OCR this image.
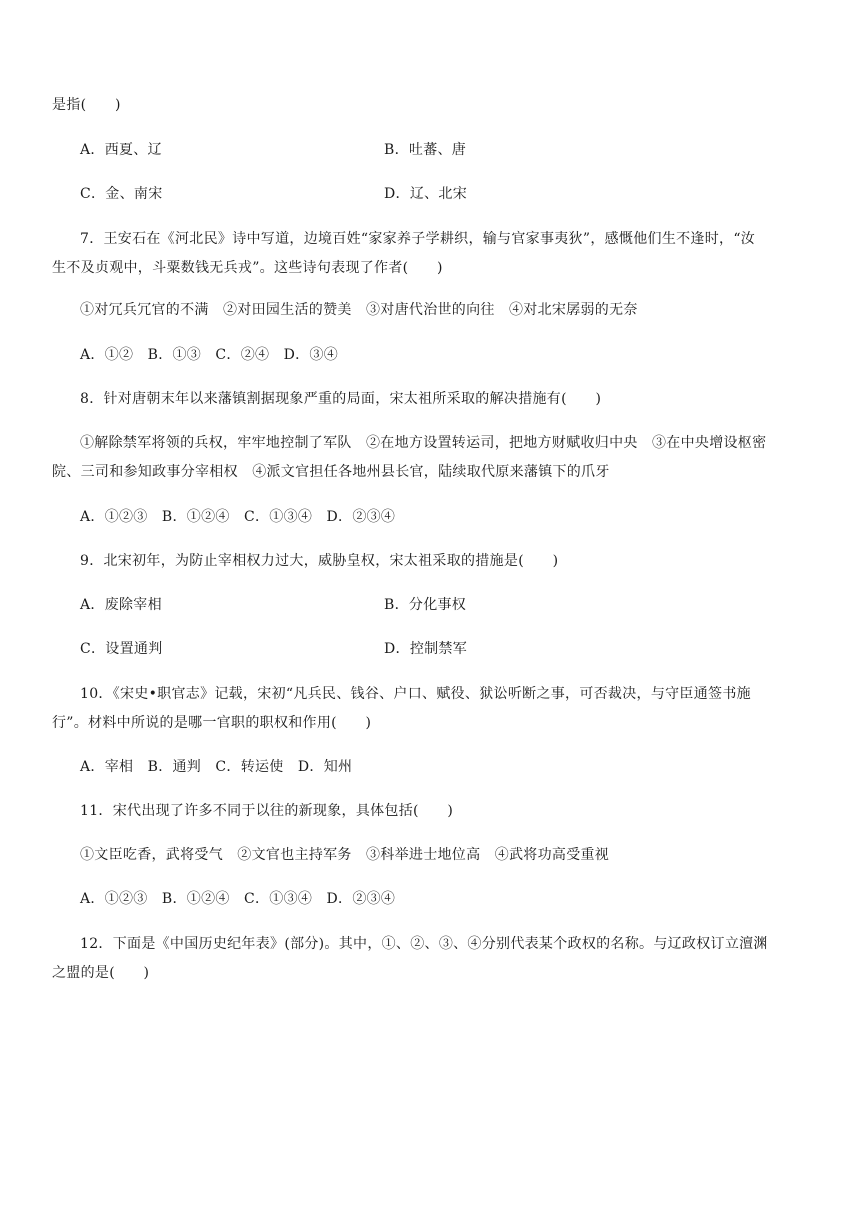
是指(　　)
A．西夏、辽	B．吐蕃、唐
C．金、南宋	D．辽、北宋
7．王安石在《河北民》诗中写道，边境百姓“家家养子学耕织，输与官家事夷狄”，感慨他们生不逢时，“汝
生不及贞观中，斗粟数钱无兵戎”。这些诗句表现了作者(　　)
①对冗兵冗官的不满　②对田园生活的赞美　③对唐代治世的向往　④对北宋孱弱的无奈
A．①②　B．①③　C．②④　D．③④
8．针对唐朝末年以来藩镇割据现象严重的局面，宋太祖所采取的解决措施有(　　)
①解除禁军将领的兵权，牢牢地控制了军队　②在地方设置转运司，把地方财赋收归中央　③在中央增设枢密
院、三司和参知政事分宰相权　④派文官担任各地州县长官，陆续取代原来藩镇下的爪牙
A．①②③　B．①②④　C．①③④　D．②③④
9．北宋初年，为防止宰相权力过大，威胁皇权，宋太祖采取的措施是(　　)
A．废除宰相	B．分化事权
C．设置通判	D．控制禁军
10．《宋史•职官志》记载，宋初“凡兵民、钱谷、户口、赋役、狱讼听断之事，可否裁决，与守臣通签书施
行”。材料中所说的是哪一官职的职权和作用(　　)
A．宰相　B．通判　C．转运使　D．知州
11．宋代出现了许多不同于以往的新现象，具体包括(　　)
①文臣吃香，武将受气　②文官也主持军务　③科举进士地位高　④武将功高受重视
A．①②③　B．①②④　C．①③④　D．②③④
12．下面是《中国历史纪年表》(部分)。其中，①、②、③、④分别代表某个政权的名称。与辽政权订立澶渊
之盟的是(　　)
